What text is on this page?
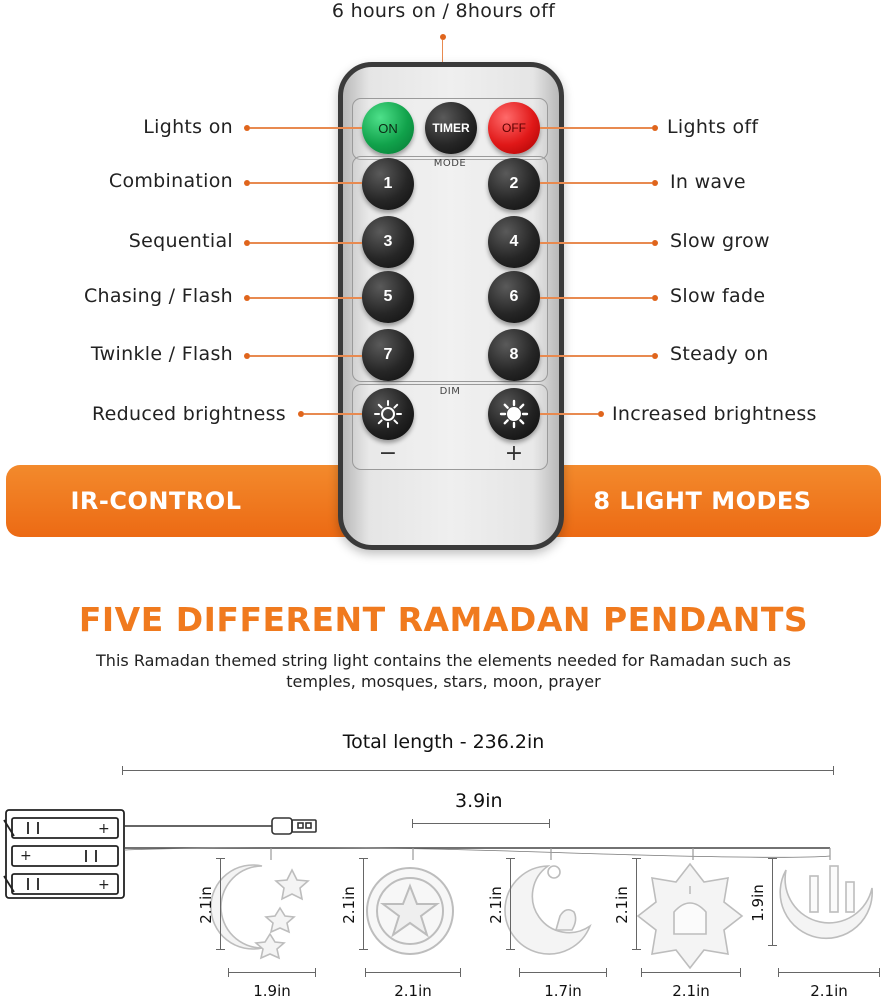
6 hours on / 8hours off
IR-CONTROL	8 LIGHT MODES
ON	TIMER	OFF
MODE
1	2
3	4
5	6
7	8
DIM
−	+
Lights on
Combination
Sequential
Chasing / Flash
Twinkle / Flash
Reduced brightness
Lights off
In wave
Slow grow
Slow fade
Steady on
Increased brightness
FIVE DIFFERENT RAMADAN PENDANTS
This Ramadan themed string light contains the elements needed for Ramadan such as temples, mosques, stars, moon, prayer
Total length - 236.2in
3.9in
+
+
+
2.1in	2.1in	2.1in	2.1in	1.9in
1.9in	2.1in	1.7in	2.1in	2.1in
